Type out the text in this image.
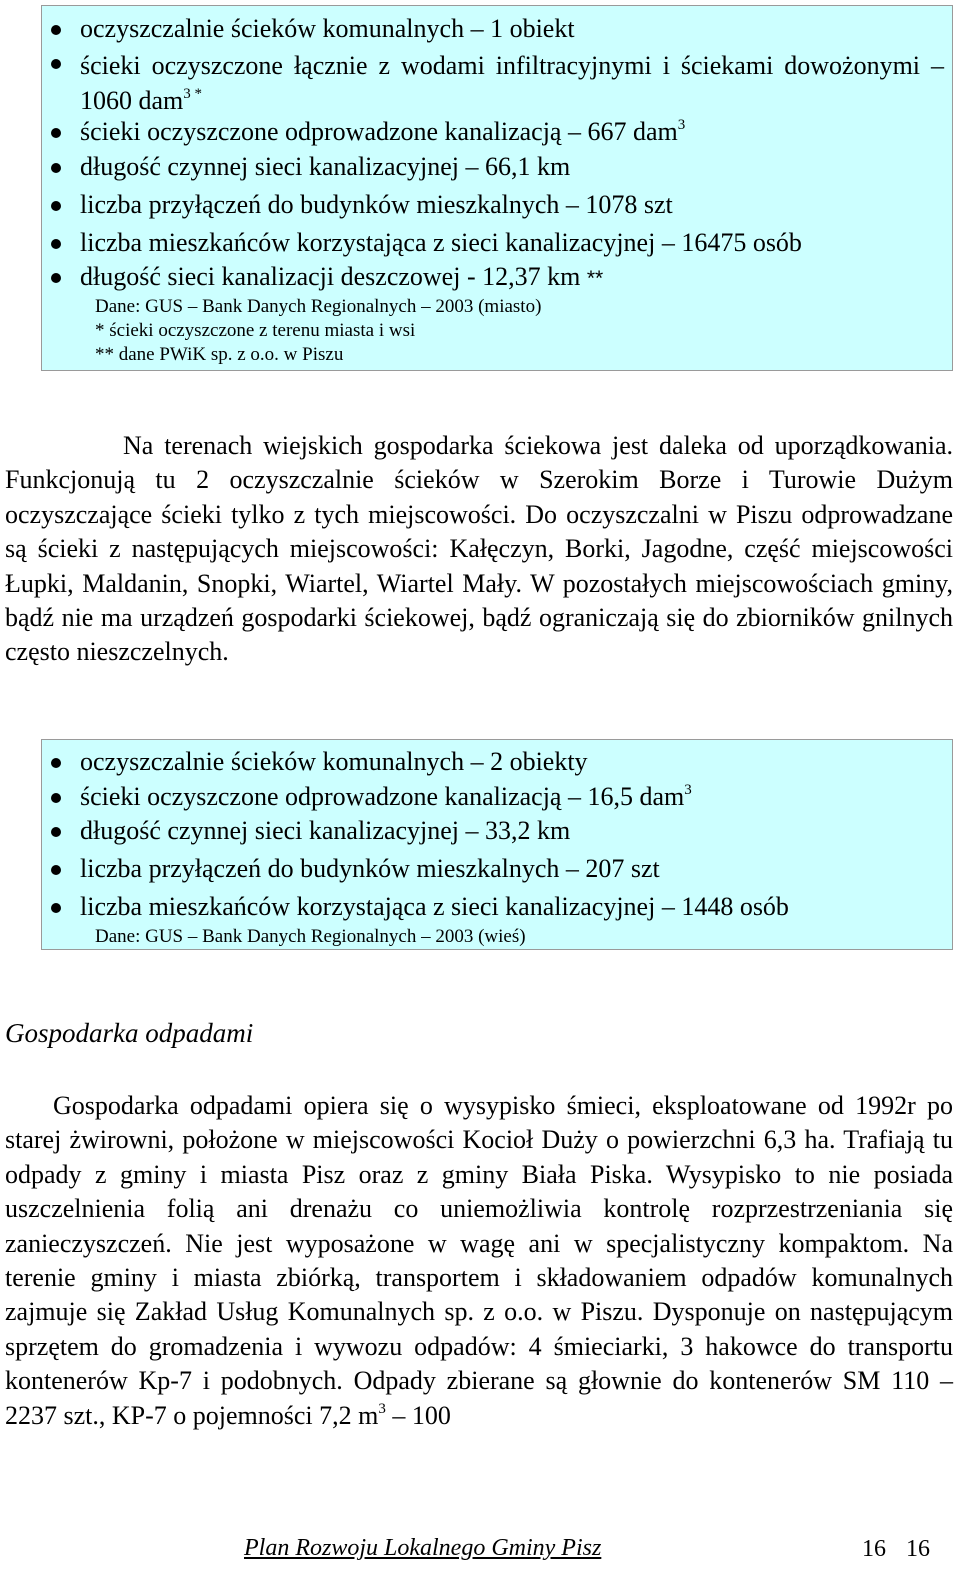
oczyszczalnie ścieków komunalnych – 1 obiekt
ścieki oczyszczone łącznie z wodami infiltracyjnymi i ściekami dowożonymi – 1060 dam$^{3 *}$
ścieki oczyszczone odprowadzone kanalizacją – 667 dam$^3$
długość czynnej sieci kanalizacyjnej – 66,1 km
liczba przyłączeń do budynków mieszkalnych – 1078 szt
liczba mieszkańców korzystająca z sieci kanalizacyjnej – 16475 osób
długość sieci kanalizacji deszczowej - 12,37 km **
Dane: GUS – Bank Danych Regionalnych – 2003 (miasto)
* ścieki oczyszczone z terenu miasta i wsi
** dane PWiK sp. z o.o. w Piszu
Na terenach wiejskich gospodarka ściekowa jest daleka od uporządkowania. Funkcjonują tu 2 oczyszczalnie ścieków w Szerokim Borze i Turowie Dużym oczyszczające ścieki tylko z tych miejscowości. Do oczyszczalni w Piszu odprowadzane są ścieki z następujących miejscowości: Kałęczyn, Borki, Jagodne, część miejscowości Łupki, Maldanin, Snopki, Wiartel, Wiartel Mały. W pozostałych miejscowościach gminy, bądź nie ma urządzeń gospodarki ściekowej, bądź ograniczają się do zbiorników gnilnych często nieszczelnych.
oczyszczalnie ścieków komunalnych – 2 obiekty
ścieki oczyszczone odprowadzone kanalizacją – 16,5 dam$^3$
długość czynnej sieci kanalizacyjnej – 33,2 km
liczba przyłączeń do budynków mieszkalnych – 207 szt
liczba mieszkańców korzystająca z sieci kanalizacyjnej – 1448 osób
Dane: GUS – Bank Danych Regionalnych – 2003 (wieś)
Gospodarka odpadami
Gospodarka odpadami opiera się o wysypisko śmieci, eksploatowane od 1992r po starej żwirowni, położone w miejscowości Kocioł Duży o powierzchni 6,3 ha. Trafiają tu odpady z gminy i miasta Pisz oraz z gminy Biała Piska. Wysypisko to nie posiada uszczelnienia folią ani drenażu co uniemożliwia kontrolę rozprzestrzeniania się zanieczyszczeń. Nie jest wyposażone w wagę ani w specjalistyczny kompaktom. Na terenie gminy i miasta zbiórką, transportem i składowaniem odpadów komunalnych zajmuje się Zakład Usług Komunalnych sp. z o.o. w Piszu. Dysponuje on następującym sprzętem do gromadzenia i wywozu odpadów: 4 śmieciarki, 3 hakowce do transportu kontenerów Kp-7 i podobnych. Odpady zbierane są głownie do kontenerów SM 110 – 2237 szt., KP-7 o pojemności 7,2 $m^3 - 100$
Plan Rozwoju Lokalnego Gminy Pisz	16 16
